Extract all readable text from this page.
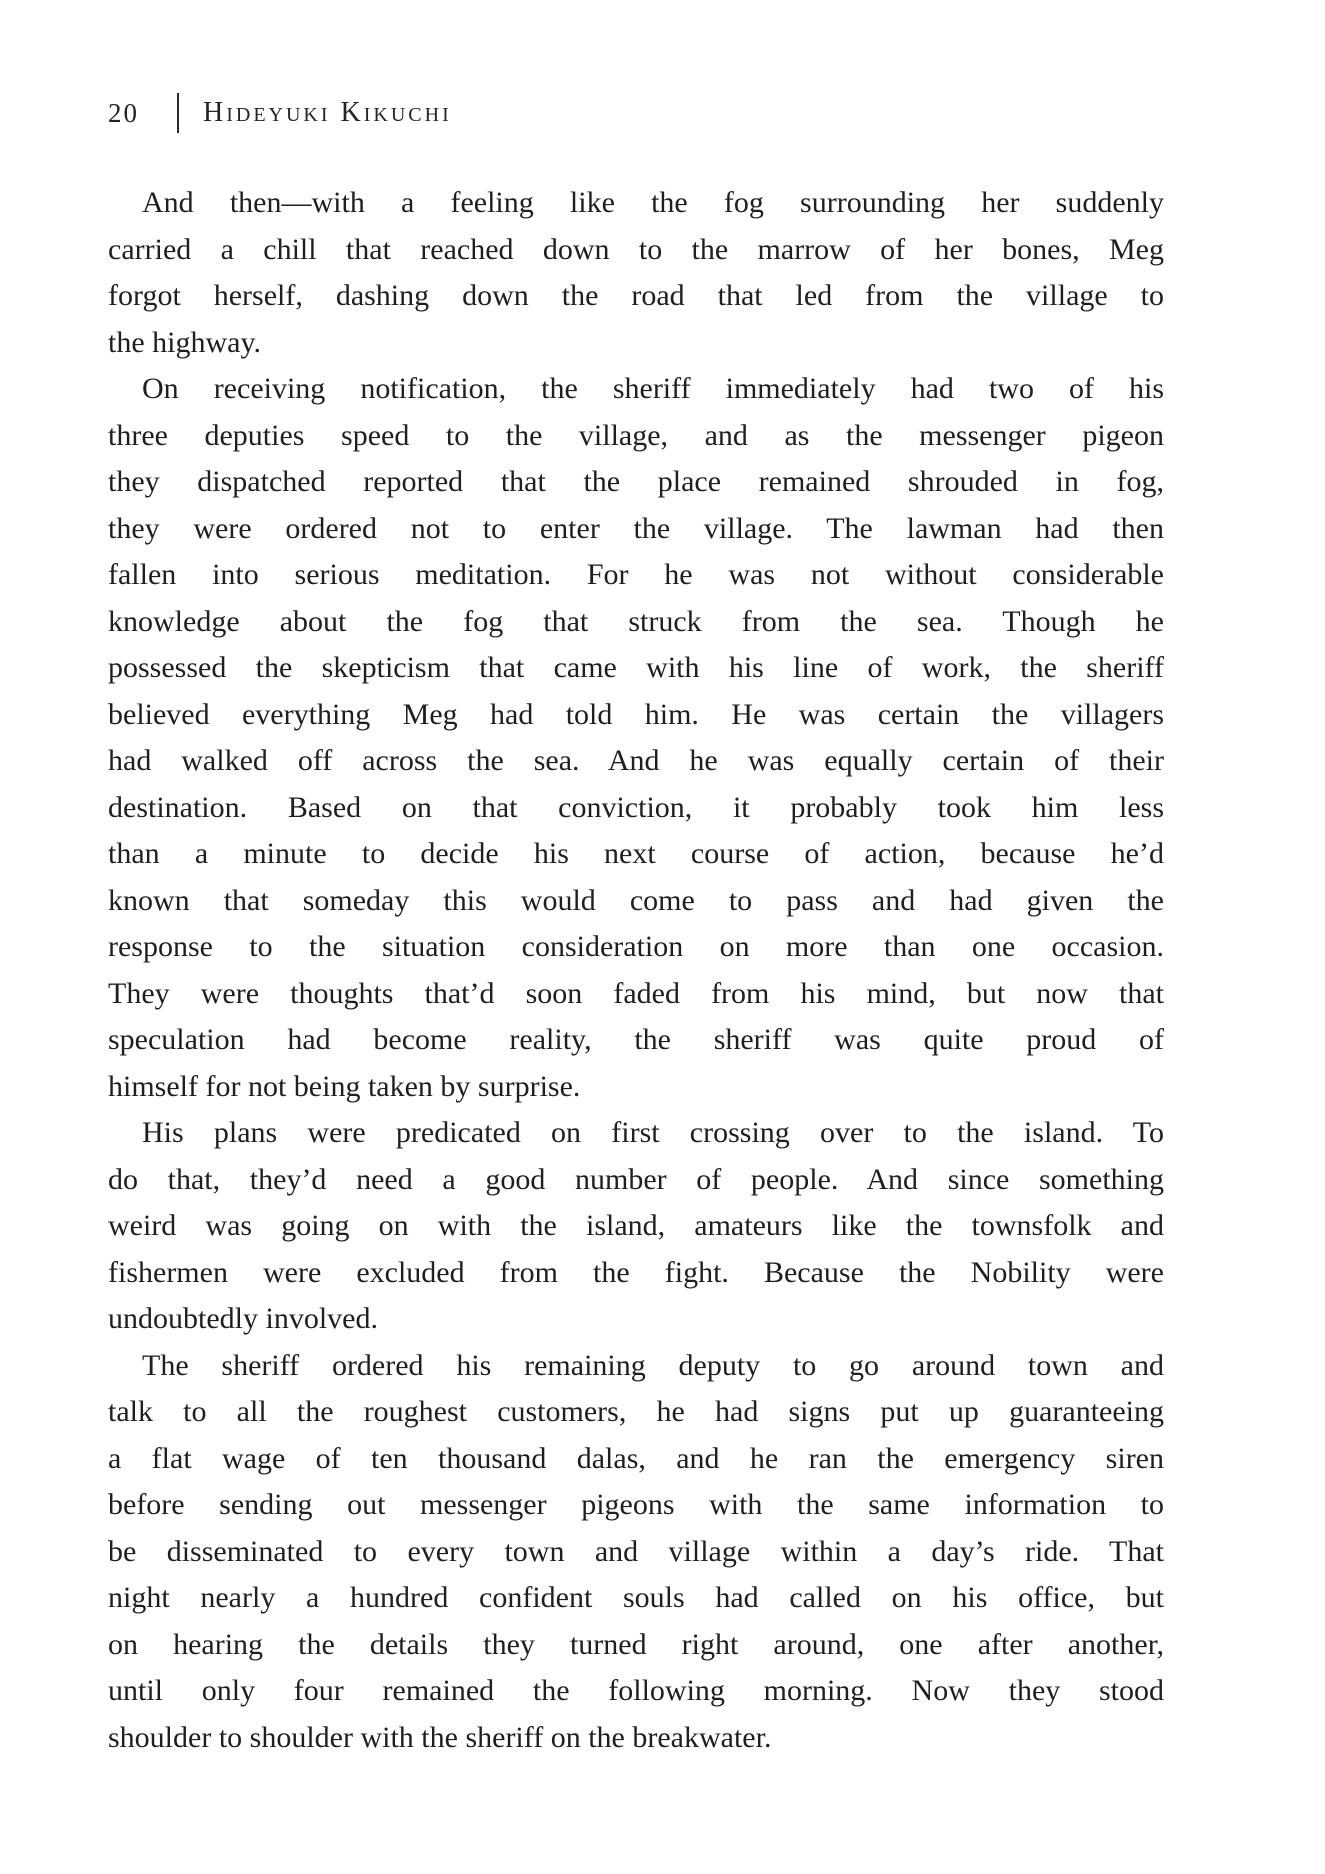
20 Hideyuki Kikuchi
And then—with a feeling like the fog surrounding her suddenly
carried a chill that reached down to the marrow of her bones, Meg
forgot herself, dashing down the road that led from the village to
the highway.
On receiving notification, the sheriff immediately had two of his
three deputies speed to the village, and as the messenger pigeon
they dispatched reported that the place remained shrouded in fog,
they were ordered not to enter the village. The lawman had then
fallen into serious meditation. For he was not without considerable
knowledge about the fog that struck from the sea. Though he
possessed the skepticism that came with his line of work, the sheriff
believed everything Meg had told him. He was certain the villagers
had walked off across the sea. And he was equally certain of their
destination. Based on that conviction, it probably took him less
than a minute to decide his next course of action, because he’d
known that someday this would come to pass and had given the
response to the situation consideration on more than one occasion.
They were thoughts that’d soon faded from his mind, but now that
speculation had become reality, the sheriff was quite proud of
himself for not being taken by surprise.
His plans were predicated on first crossing over to the island. To
do that, they’d need a good number of people. And since something
weird was going on with the island, amateurs like the townsfolk and
fishermen were excluded from the fight. Because the Nobility were
undoubtedly involved.
The sheriff ordered his remaining deputy to go around town and
talk to all the roughest customers, he had signs put up guaranteeing
a flat wage of ten thousand dalas, and he ran the emergency siren
before sending out messenger pigeons with the same information to
be disseminated to every town and village within a day’s ride. That
night nearly a hundred confident souls had called on his office, but
on hearing the details they turned right around, one after another,
until only four remained the following morning. Now they stood
shoulder to shoulder with the sheriff on the breakwater.
